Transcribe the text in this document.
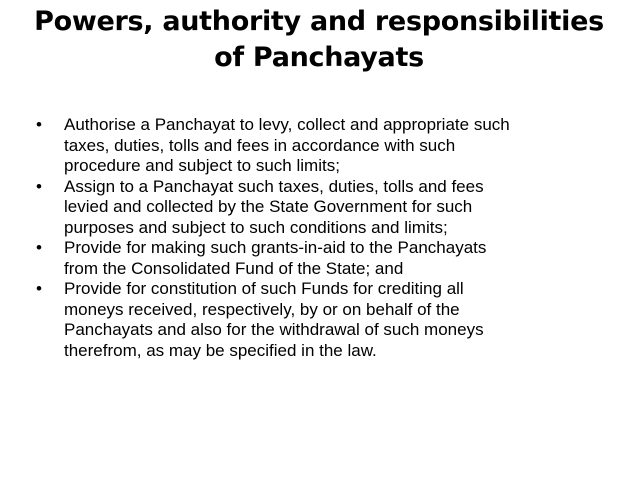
Powers, authority and responsibilities
of Panchayats
• Authorise a Panchayat to levy, collect and appropriate such
taxes, duties, tolls and fees in accordance with such
procedure and subject to such limits;
• Assign to a Panchayat such taxes, duties, tolls and fees
levied and collected by the State Government for such
purposes and subject to such conditions and limits;
• Provide for making such grants-in-aid to the Panchayats
from the Consolidated Fund of the State; and
• Provide for constitution of such Funds for crediting all
moneys received, respectively, by or on behalf of the
Panchayats and also for the withdrawal of such moneys
therefrom, as may be specified in the law.
